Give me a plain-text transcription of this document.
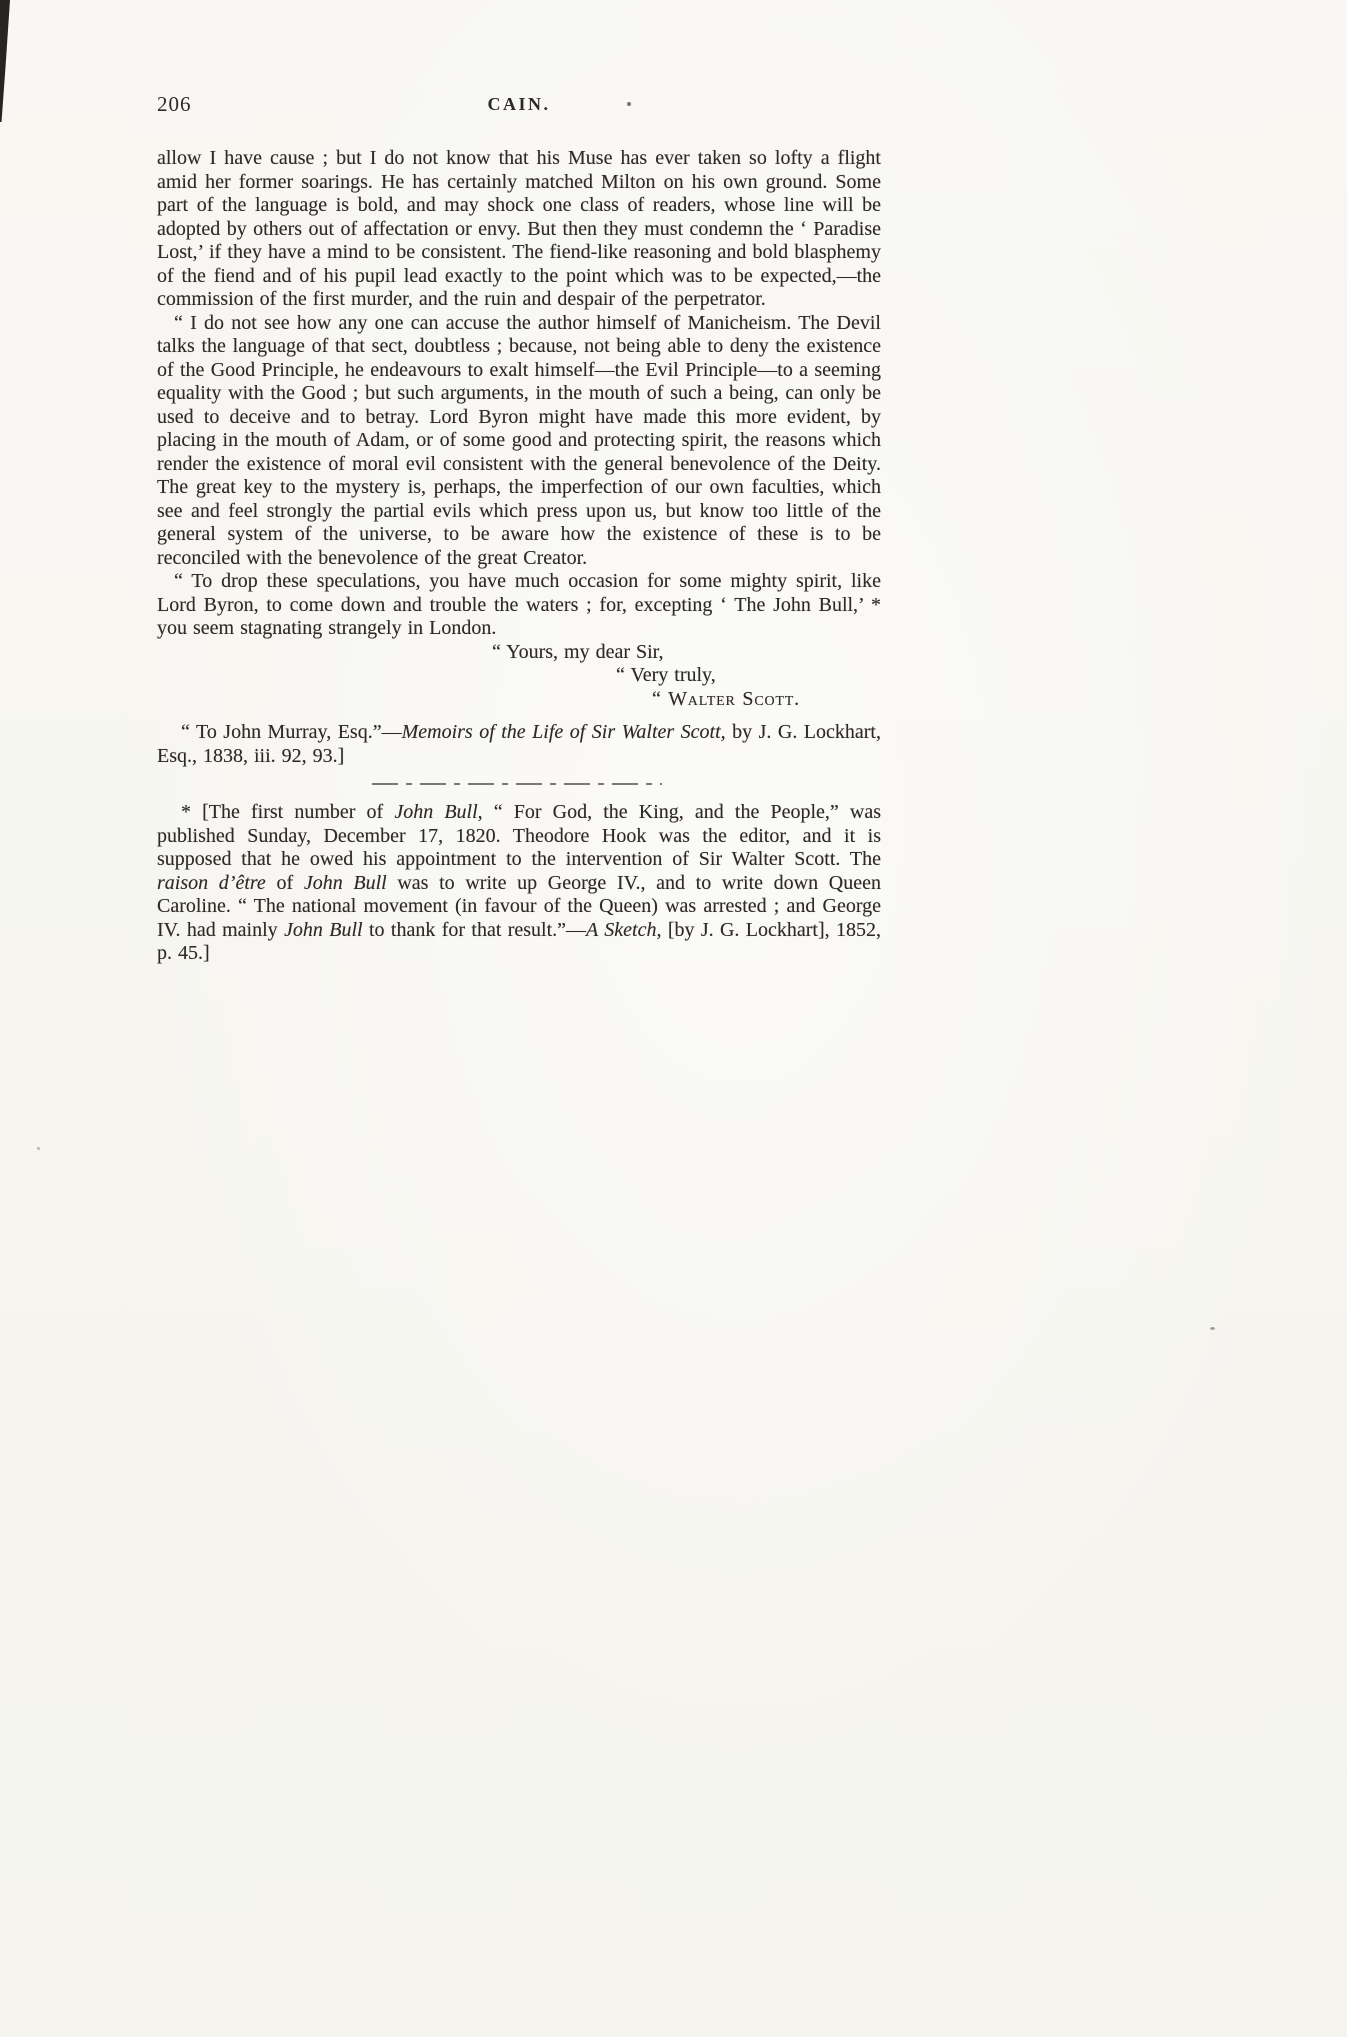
206	CAIN.

allow I have cause ; but I do not know that his Muse has ever taken so lofty a flight amid her former soarings. He has certainly matched Milton on his own ground. Some part of the language is bold, and may shock one class of readers, whose line will be adopted by others out of affectation or envy. But then they must condemn the ‘ Paradise Lost,’ if they have a mind to be consistent. The fiend-like reasoning and bold blasphemy of the fiend and of his pupil lead exactly to the point which was to be expected,—the commission of the first murder, and the ruin and despair of the perpetrator.

“ I do not see how any one can accuse the author himself of Manicheism. The Devil talks the language of that sect, doubtless ; because, not being able to deny the existence of the Good Principle, he endeavours to exalt himself—the Evil Principle—to a seeming equality with the Good ; but such arguments, in the mouth of such a being, can only be used to deceive and to betray. Lord Byron might have made this more evident, by placing in the mouth of Adam, or of some good and protecting spirit, the reasons which render the existence of moral evil consistent with the general benevolence of the Deity. The great key to the mystery is, perhaps, the imperfection of our own faculties, which see and feel strongly the partial evils which press upon us, but know too little of the general system of the universe, to be aware how the existence of these is to be reconciled with the benevolence of the great Creator.

“ To drop these speculations, you have much occasion for some mighty spirit, like Lord Byron, to come down and trouble the waters ; for, excepting ‘ The John Bull,’ * you seem stagnating strangely in London.

“ Yours, my dear Sir,
“ Very truly,
“ Walter Scott.

“ To John Murray, Esq.”—Memoirs of the Life of Sir Walter Scott, by J. G. Lockhart, Esq., 1838, iii. 92, 93.]

* [The first number of John Bull, “ For God, the King, and the People,” was published Sunday, December 17, 1820. Theodore Hook was the editor, and it is supposed that he owed his appointment to the intervention of Sir Walter Scott. The raison d’être of John Bull was to write up George IV., and to write down Queen Caroline. “ The national movement (in favour of the Queen) was arrested ; and George IV. had mainly John Bull to thank for that result.”—A Sketch, [by J. G. Lockhart], 1852, p. 45.]
